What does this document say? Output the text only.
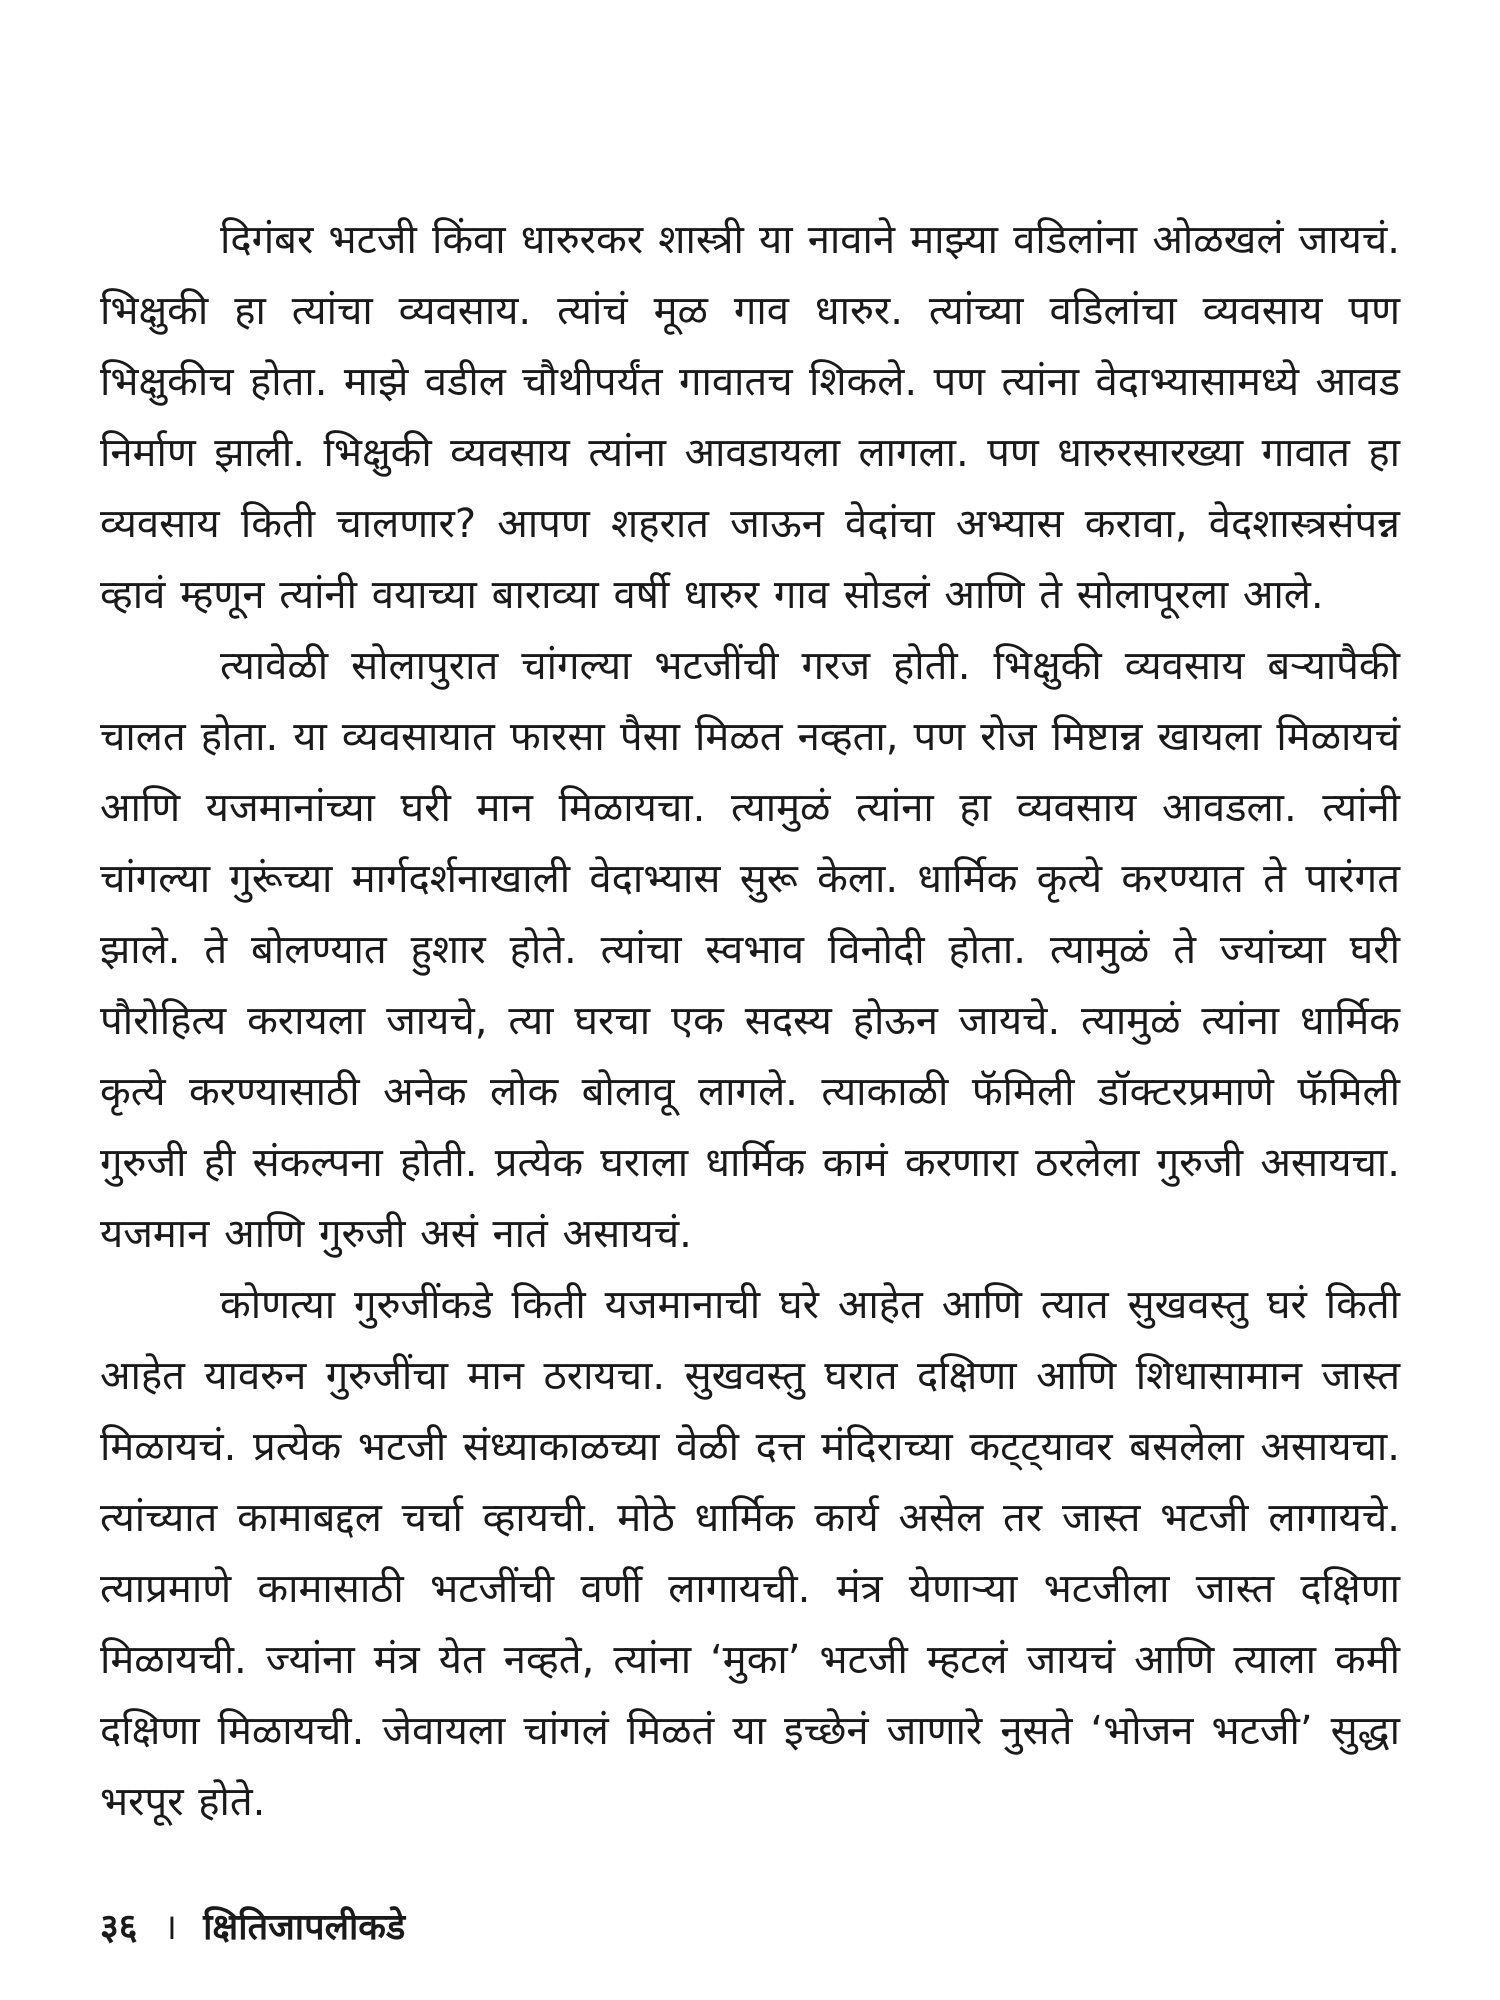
दिगंबर भटजी किंवा धारुरकर शास्त्री या नावाने माझ्या वडिलांना ओळखलं जायचं. भिक्षुकी हा त्यांचा व्यवसाय. त्यांचं मूळ गाव धारुर. त्यांच्या वडिलांचा व्यवसाय पण भिक्षुकीच होता. माझे वडील चौथीपर्यंत गावातच शिकले. पण त्यांना वेदाभ्यासामध्ये आवड निर्माण झाली. भिक्षुकी व्यवसाय त्यांना आवडायला लागला. पण धारुरसारख्या गावात हा व्यवसाय किती चालणार? आपण शहरात जाऊन वेदांचा अभ्यास करावा, वेदशास्त्रसंपन्न व्हावं म्हणून त्यांनी वयाच्या बाराव्या वर्षी धारुर गाव सोडलं आणि ते सोलापूरला आले.

त्यावेळी सोलापुरात चांगल्या भटजींची गरज होती. भिक्षुकी व्यवसाय बऱ्यापैकी चालत होता. या व्यवसायात फारसा पैसा मिळत नव्हता, पण रोज मिष्टान्न खायला मिळायचं आणि यजमानांच्या घरी मान मिळायचा. त्यामुळं त्यांना हा व्यवसाय आवडला. त्यांनी चांगल्या गुरूंच्या मार्गदर्शनाखाली वेदाभ्यास सुरू केला. धार्मिक कृत्ये करण्यात ते पारंगत झाले. ते बोलण्यात हुशार होते. त्यांचा स्वभाव विनोदी होता. त्यामुळं ते ज्यांच्या घरी पौरोहित्य करायला जायचे, त्या घरचा एक सदस्य होऊन जायचे. त्यामुळं त्यांना धार्मिक कृत्ये करण्यासाठी अनेक लोक बोलावू लागले. त्याकाळी फॅमिली डॉक्टरप्रमाणे फॅमिली गुरुजी ही संकल्पना होती. प्रत्येक घराला धार्मिक कामं करणारा ठरलेला गुरुजी असायचा. यजमान आणि गुरुजी असं नातं असायचं.

कोणत्या गुरुजींकडे किती यजमानाची घरे आहेत आणि त्यात सुखवस्तु घरं किती आहेत यावरुन गुरुजींचा मान ठरायचा. सुखवस्तु घरात दक्षिणा आणि शिधासामान जास्त मिळायचं. प्रत्येक भटजी संध्याकाळच्या वेळी दत्त मंदिराच्या कट्ट्यावर बसलेला असायचा. त्यांच्यात कामाबद्दल चर्चा व्हायची. मोठे धार्मिक कार्य असेल तर जास्त भटजी लागायचे. त्याप्रमाणे कामासाठी भटजींची वर्णी लागायची. मंत्र येणाऱ्या भटजीला जास्त दक्षिणा मिळायची. ज्यांना मंत्र येत नव्हते, त्यांना ‘मुका’ भटजी म्हटलं जायचं आणि त्याला कमी दक्षिणा मिळायची. जेवायला चांगलं मिळतं या इच्छेनं जाणारे नुसते ‘भोजन भटजी’ सुद्धा भरपूर होते.

३६ । क्षितिजापलीकडे
